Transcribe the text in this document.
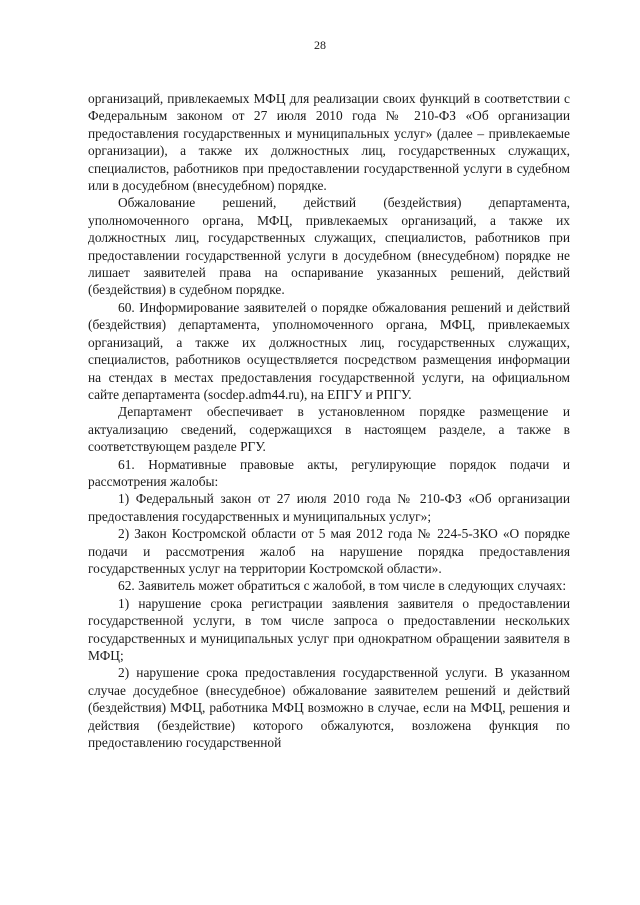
28

организаций, привлекаемых МФЦ для реализации своих функций в соответствии с Федеральным законом от 27 июля 2010 года № 210-ФЗ «Об организации предоставления государственных и муниципальных услуг» (далее – привлекаемые организации), а также их должностных лиц, государственных служащих, специалистов, работников при предоставлении государственной услуги в судебном или в досудебном (внесудебном) порядке.

Обжалование решений, действий (бездействия) департамента, уполномоченного органа, МФЦ, привлекаемых организаций, а также их должностных лиц, государственных служащих, специалистов, работников при предоставлении государственной услуги в досудебном (внесудебном) порядке не лишает заявителей права на оспаривание указанных решений, действий (бездействия) в судебном порядке.

60. Информирование заявителей о порядке обжалования решений и действий (бездействия) департамента, уполномоченного органа, МФЦ, привлекаемых организаций, а также их должностных лиц, государственных служащих, специалистов, работников осуществляется посредством размещения информации на стендах в местах предоставления государственной услуги, на официальном сайте департамента (socdep.adm44.ru), на ЕПГУ и РПГУ.

Департамент обеспечивает в установленном порядке размещение и актуализацию сведений, содержащихся в настоящем разделе, а также в соответствующем разделе РГУ.

61. Нормативные правовые акты, регулирующие порядок подачи и рассмотрения жалобы:

1) Федеральный закон от 27 июля 2010 года № 210-ФЗ «Об организации предоставления государственных и муниципальных услуг»;

2) Закон Костромской области от 5 мая 2012 года № 224-5-ЗКО «О порядке подачи и рассмотрения жалоб на нарушение порядка предоставления государственных услуг на территории Костромской области».

62. Заявитель может обратиться с жалобой, в том числе в следующих случаях:

1) нарушение срока регистрации заявления заявителя о предоставлении государственной услуги, в том числе запроса о предоставлении нескольких государственных и муниципальных услуг при однократном обращении заявителя в МФЦ;

2) нарушение срока предоставления государственной услуги. В указанном случае досудебное (внесудебное) обжалование заявителем решений и действий (бездействия) МФЦ, работника МФЦ возможно в случае, если на МФЦ, решения и действия (бездействие) которого обжалуются, возложена функция по предоставлению государственной
